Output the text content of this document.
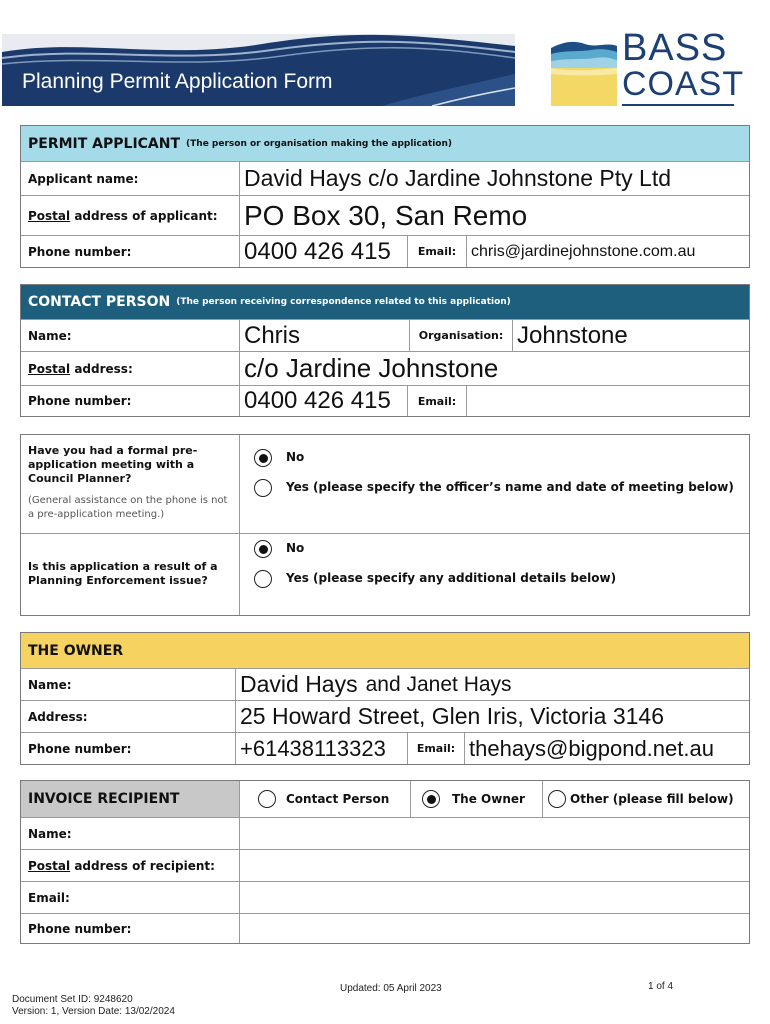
Planning Permit Application Form
BASS
COAST
PERMIT APPLICANT (The person or organisation making the application)
Applicant name:	David Hays c/o Jardine Johnstone Pty Ltd
Postal address of applicant: PO Box 30, San Remo
Phone number:	0400 426 415	Email: chris@jardinejohnstone.com.au
CONTACT PERSON (The person receiving correspondence related to this application)
Name:	Chris	Organisation: Johnstone
Postal address:	c/o Jardine Johnstone
Phone number:	0400 426 415	Email:
Have you had a formal pre-application meeting with a Council Planner?
(General assistance on the phone is not a pre-application meeting.)
No
Yes (please specify the officer’s name and date of meeting below)
Is this application a result of a Planning Enforcement issue?
No
Yes (please specify any additional details below)
THE OWNER
Name:	David Hays and Janet Hays
Address:	25 Howard Street, Glen Iris, Victoria 3146
Phone number:	+61438113323	Email: thehays@bigpond.net.au
INVOICE RECIPIENT	Contact Person	The Owner	Other (please fill below)
Name:
Postal address of recipient:
Email:
Phone number:
Updated: 05 April 2023	1 of 4
Document Set ID: 9248620
Version: 1, Version Date: 13/02/2024
